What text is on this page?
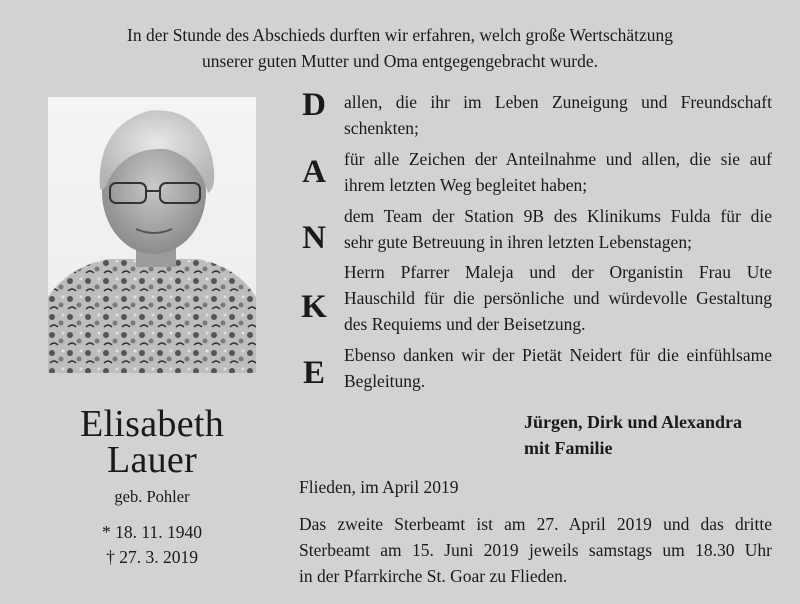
In der Stunde des Abschieds durften wir erfahren, welch große Wertschätzung
unserer guten Mutter und Oma entgegengebracht wurde.
Elisabeth
Lauer
geb. Pohler
* 18. 11. 1940
† 27. 3. 2019
D
A
N
K
E
allen, die ihr im Leben Zuneigung und Freundschaft
schenkten;
für alle Zeichen der Anteilnahme und allen, die sie auf
ihrem letzten Weg begleitet haben;
dem Team der Station 9B des Klinikums Fulda für die
sehr gute Betreuung in ihren letzten Lebenstagen;
Herrn Pfarrer Maleja und der Organistin Frau Ute
Hauschild für die persönliche und würdevolle Gestaltung
des Requiems und der Beisetzung.
Ebenso danken wir der Pietät Neidert für die einfühlsame
Begleitung.
Jürgen, Dirk und Alexandra
mit Familie
Flieden, im April 2019
Das zweite Sterbeamt ist am 27. April 2019 und das dritte
Sterbeamt am 15. Juni 2019 jeweils samstags um 18.30 Uhr
in der Pfarrkirche St. Goar zu Flieden.
